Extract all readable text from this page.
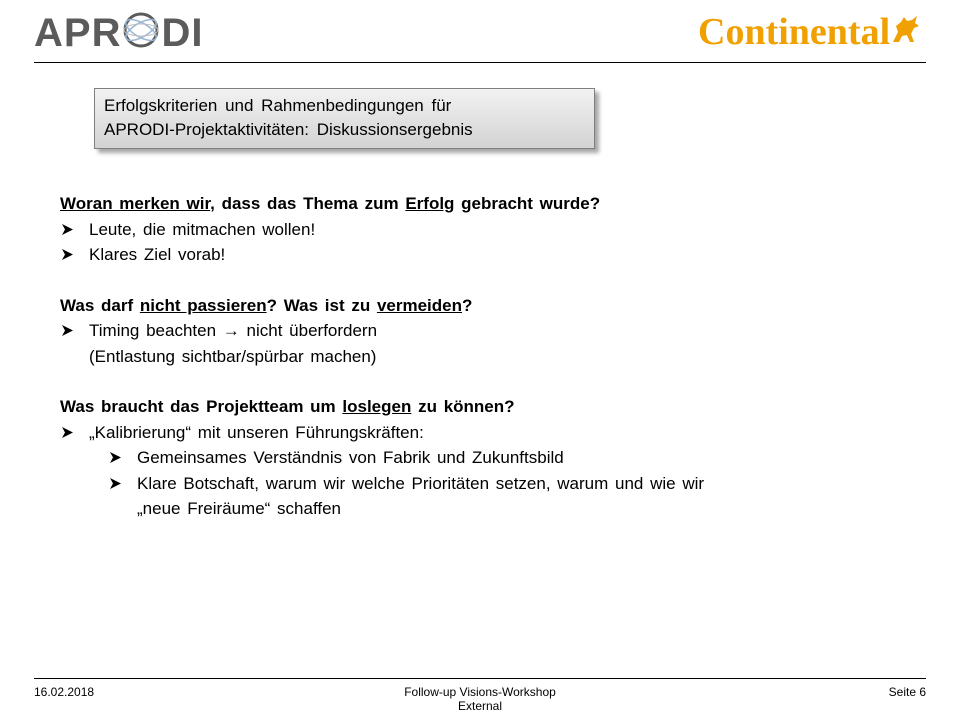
APR DI	Continental
Erfolgskriterien und Rahmenbedingungen für
APRODI-Projektaktivitäten: Diskussionsergebnis
Woran merken wir, dass das Thema zum Erfolg gebracht wurde?
Leute, die mitmachen wollen!
Klares Ziel vorab!
Was darf nicht passieren? Was ist zu vermeiden?
Timing beachten → nicht überfordern
(Entlastung sichtbar/spürbar machen)
Was braucht das Projektteam um loslegen zu können?
„Kalibrierung“ mit unseren Führungskräften:
Gemeinsames Verständnis von Fabrik und Zukunftsbild
Klare Botschaft, warum wir welche Prioritäten setzen, warum und wie wir „neue Freiräume“ schaffen
16.02.2018	Follow-up Visions-Workshop
External
Seite 6
